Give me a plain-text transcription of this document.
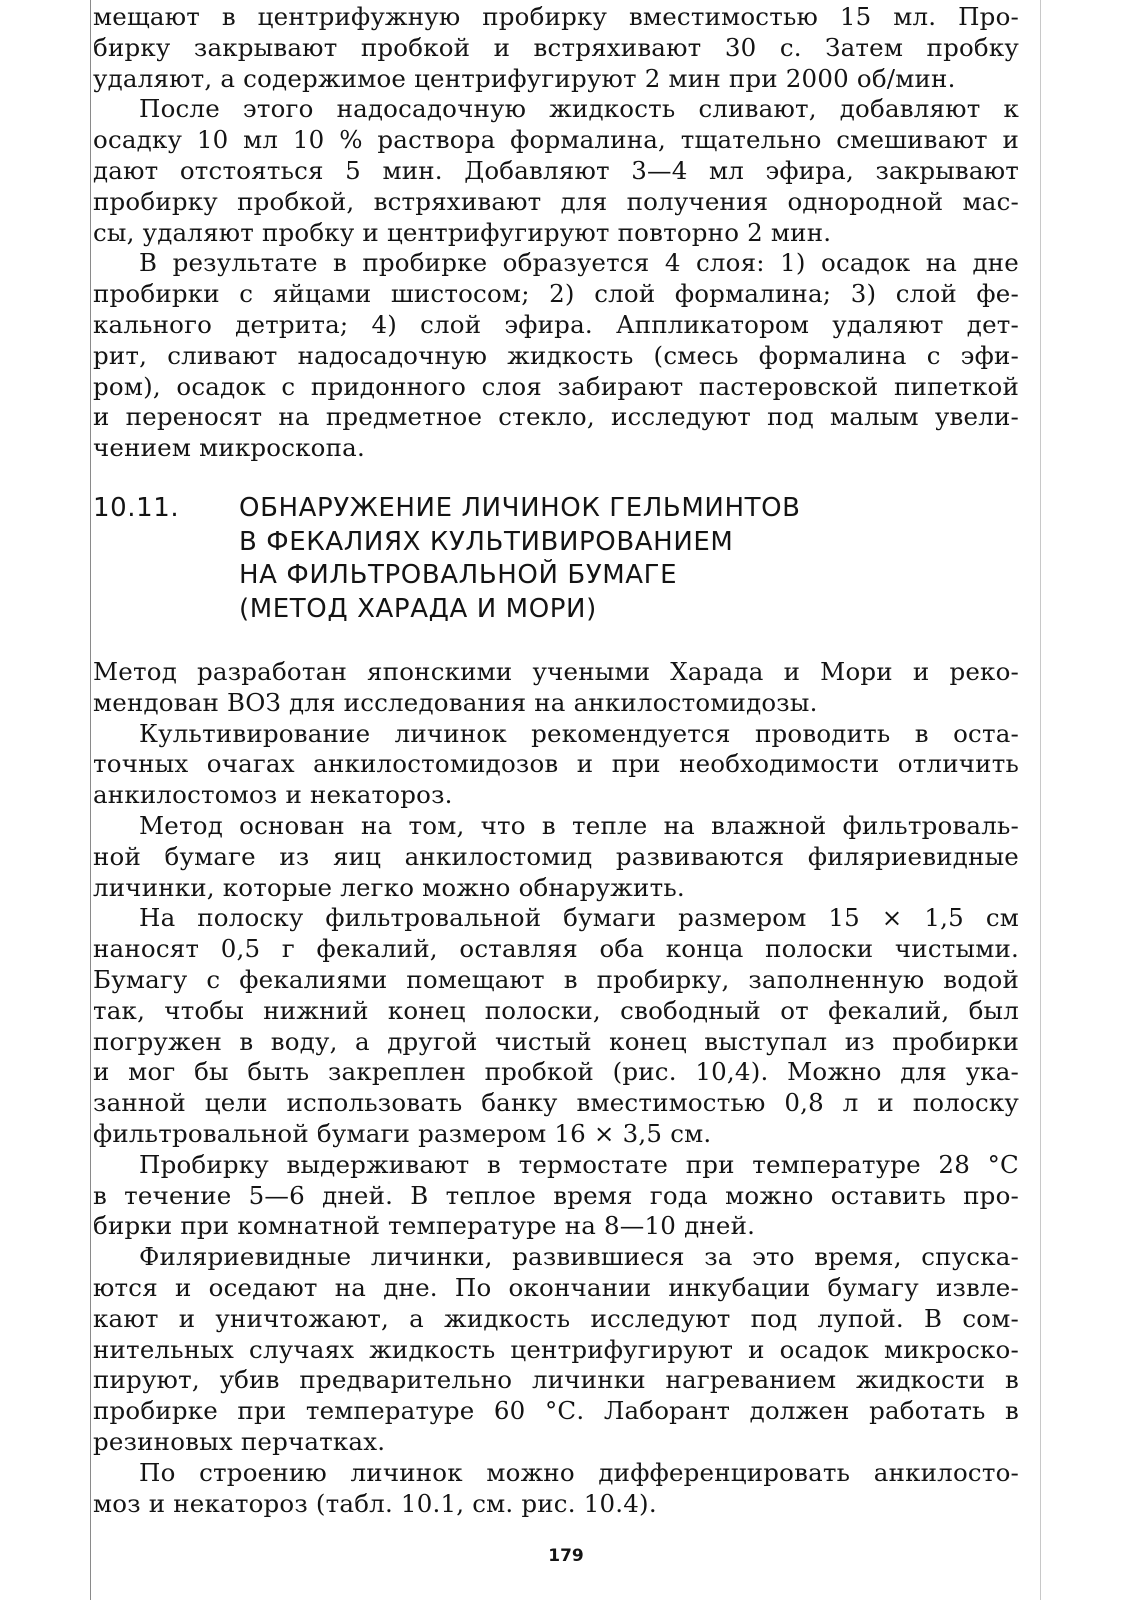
мещают в центрифужную пробирку вместимостью 15 мл. Про-
бирку закрывают пробкой и встряхивают 30 с. Затем пробку
удаляют, а содержимое центрифугируют 2 мин при 2000 об/мин.
После этого надосадочную жидкость сливают, добавляют к
осадку 10 мл 10 % раствора формалина, тщательно смешивают и
дают отстояться 5 мин. Добавляют 3—4 мл эфира, закрывают
пробирку пробкой, встряхивают для получения однородной мас-
сы, удаляют пробку и центрифугируют повторно 2 мин.
В результате в пробирке образуется 4 слоя: 1) осадок на дне
пробирки с яйцами шистосом; 2) слой формалина; 3) слой фе-
кального детрита; 4) слой эфира. Аппликатором удаляют дет-
рит, сливают надосадочную жидкость (смесь формалина с эфи-
ром), осадок с придонного слоя забирают пастеровской пипеткой
и переносят на предметное стекло, исследуют под малым увели-
чением микроскопа.
10.11. ОБНАРУЖЕНИЕ ЛИЧИНОК ГЕЛЬМИНТОВ
В ФЕКАЛИЯХ КУЛЬТИВИРОВАНИЕМ
НА ФИЛЬТРОВАЛЬНОЙ БУМАГЕ
(МЕТОД ХАРАДА И МОРИ)
Метод разработан японскими учеными Харада и Мори и реко-
мендован ВОЗ для исследования на анкилостомидозы.
Культивирование личинок рекомендуется проводить в оста-
точных очагах анкилостомидозов и при необходимости отличить
анкилостомоз и некатороз.
Метод основан на том, что в тепле на влажной фильтроваль-
ной бумаге из яиц анкилостомид развиваются филяриевидные
личинки, которые легко можно обнаружить.
На полоску фильтровальной бумаги размером 15 × 1,5 см
наносят 0,5 г фекалий, оставляя оба конца полоски чистыми.
Бумагу с фекалиями помещают в пробирку, заполненную водой
так, чтобы нижний конец полоски, свободный от фекалий, был
погружен в воду, а другой чистый конец выступал из пробирки
и мог бы быть закреплен пробкой (рис. 10,4). Можно для ука-
занной цели использовать банку вместимостью 0,8 л и полоску
фильтровальной бумаги размером 16 × 3,5 см.
Пробирку выдерживают в термостате при температуре 28 °С
в течение 5—6 дней. В теплое время года можно оставить про-
бирки при комнатной температуре на 8—10 дней.
Филяриевидные личинки, развившиеся за это время, спуска-
ются и оседают на дне. По окончании инкубации бумагу извле-
кают и уничтожают, а жидкость исследуют под лупой. В сом-
нительных случаях жидкость центрифугируют и осадок микроско-
пируют, убив предварительно личинки нагреванием жидкости в
пробирке при температуре 60 °С. Лаборант должен работать в
резиновых перчатках.
По строению личинок можно дифференцировать анкилосто-
моз и некатороз (табл. 10.1, см. рис. 10.4).
179
